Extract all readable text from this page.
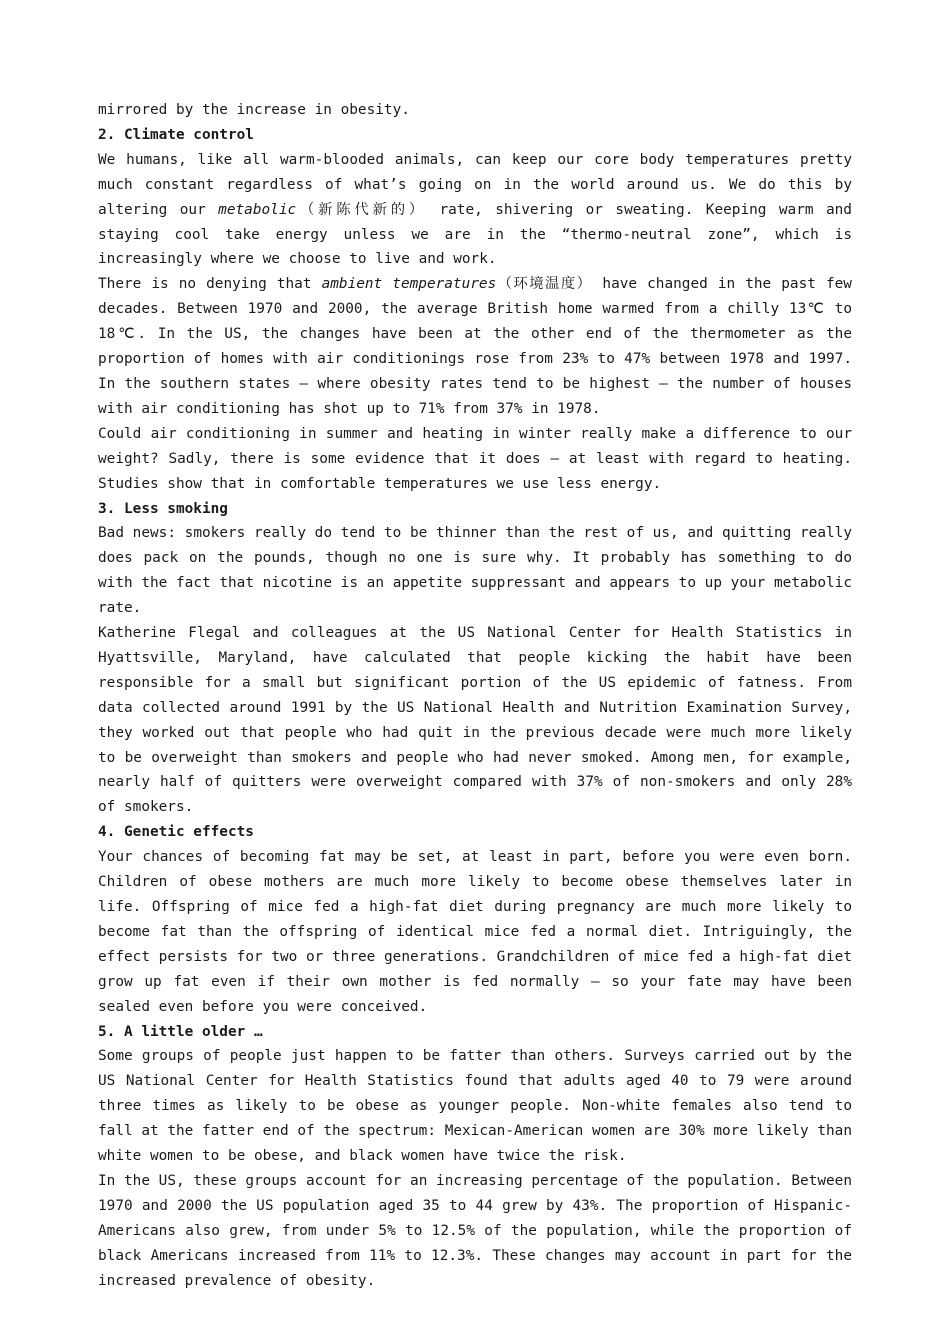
mirrored by the increase in obesity.
2. Climate control
We humans, like all warm-blooded animals, can keep our core body temperatures pretty much constant regardless of what’s going on in the world around us. We do this by altering our metabolic（新陈代新的） rate, shivering or sweating. Keeping warm and staying cool take energy unless we are in the “thermo-neutral zone”, which is increasingly where we choose to live and work.
There is no denying that ambient temperatures（环境温度） have changed in the past few decades. Between 1970 and 2000, the average British home warmed from a chilly 13℃ to 18℃. In the US, the changes have been at the other end of the thermometer as the proportion of homes with air conditionings rose from 23% to 47% between 1978 and 1997. In the southern states – where obesity rates tend to be highest – the number of houses with air conditioning has shot up to 71% from 37% in 1978.
Could air conditioning in summer and heating in winter really make a difference to our weight? Sadly, there is some evidence that it does – at least with regard to heating. Studies show that in comfortable temperatures we use less energy.
3. Less smoking
Bad news: smokers really do tend to be thinner than the rest of us, and quitting really does pack on the pounds, though no one is sure why. It probably has something to do with the fact that nicotine is an appetite suppressant and appears to up your metabolic rate.
Katherine Flegal and colleagues at the US National Center for Health Statistics in Hyattsville, Maryland, have calculated that people kicking the habit have been responsible for a small but significant portion of the US epidemic of fatness. From data collected around 1991 by the US National Health and Nutrition Examination Survey, they worked out that people who had quit in the previous decade were much more likely to be overweight than smokers and people who had never smoked. Among men, for example, nearly half of quitters were overweight compared with 37% of non-smokers and only 28% of smokers.
4. Genetic effects
Your chances of becoming fat may be set, at least in part, before you were even born. Children of obese mothers are much more likely to become obese themselves later in life. Offspring of mice fed a high-fat diet during pregnancy are much more likely to become fat than the offspring of identical mice fed a normal diet. Intriguingly, the effect persists for two or three generations. Grandchildren of mice fed a high-fat diet grow up fat even if their own mother is fed normally – so your fate may have been sealed even before you were conceived.
5. A little older …
Some groups of people just happen to be fatter than others. Surveys carried out by the US National Center for Health Statistics found that adults aged 40 to 79 were around three times as likely to be obese as younger people. Non-white females also tend to fall at the fatter end of the spectrum: Mexican-American women are 30% more likely than white women to be obese, and black women have twice the risk.
In the US, these groups account for an increasing percentage of the population. Between 1970 and 2000 the US population aged 35 to 44 grew by 43%. The proportion of Hispanic-Americans also grew, from under 5% to 12.5% of the population, while the proportion of black Americans increased from 11% to 12.3%. These changes may account in part for the increased prevalence of obesity.
